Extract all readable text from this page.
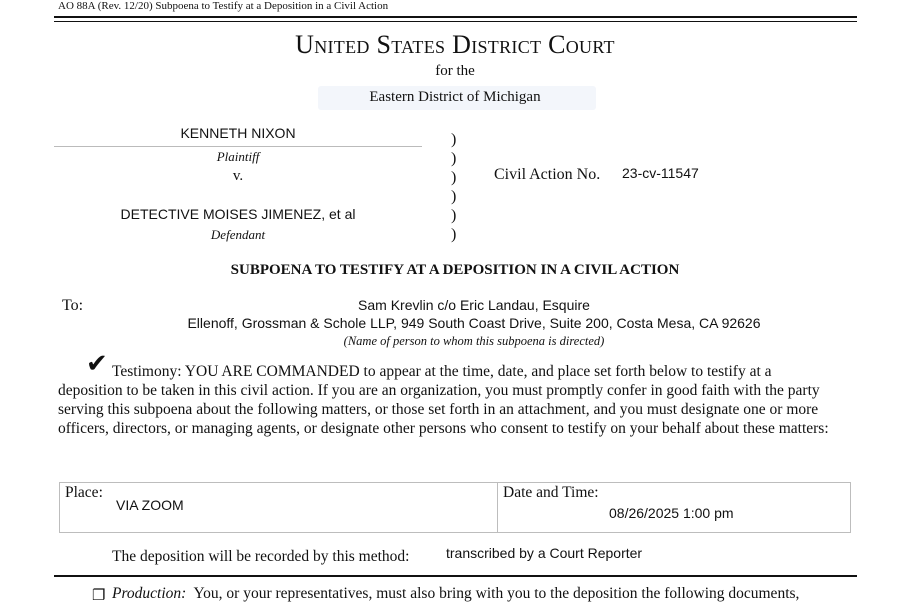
AO 88A (Rev. 12/20) Subpoena to Testify at a Deposition in a Civil Action
United States District Court
for the
Eastern District of Michigan
KENNETH NIXON
Plaintiff
v.
DETECTIVE MOISES JIMENEZ, et al
Defendant
)
)
)
)
)
)
Civil Action No. 23-cv-11547
SUBPOENA TO TESTIFY AT A DEPOSITION IN A CIVIL ACTION
To:	Sam Krevlin c/o Eric Landau, Esquire
Ellenoff, Grossman & Schole LLP, 949 South Coast Drive, Suite 200, Costa Mesa, CA 92626
(Name of person to whom this subpoena is directed)
✔ Testimony: YOU ARE COMMANDED to appear at the time, date, and place set forth below to testify at a
deposition to be taken in this civil action. If you are an organization, you must promptly confer in good faith with the party serving this subpoena about the following matters, or those set forth in an attachment, and you must designate one or more officers, directors, or managing agents, or designate other persons who consent to testify on your behalf about these matters:
Place:
VIA ZOOM
Date and Time:
08/26/2025 1:00 pm
The deposition will be recorded by this method:	transcribed by a Court Reporter
❐ Production: You, or your representatives, must also bring with you to the deposition the following documents,
